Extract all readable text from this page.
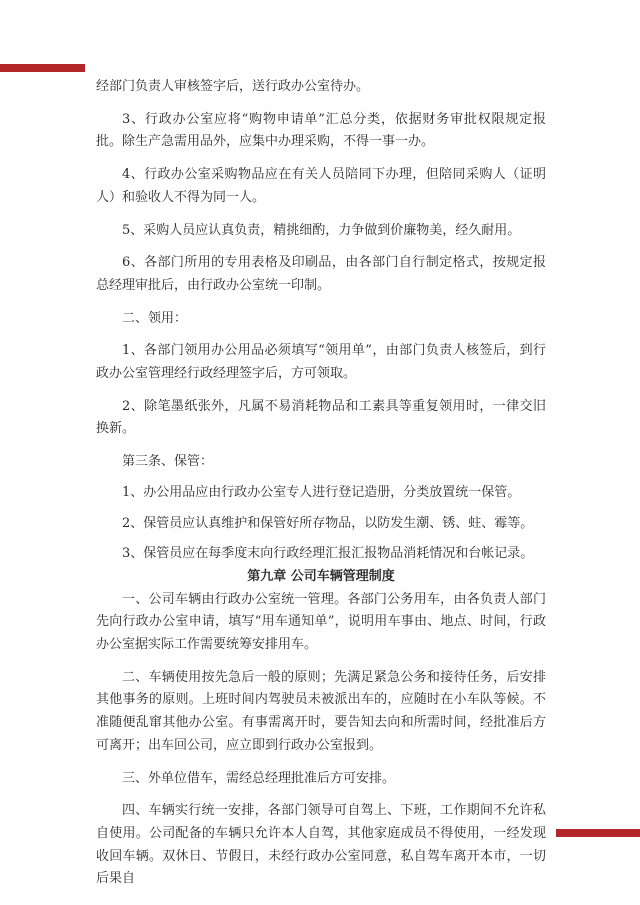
经部门负责人审核签字后，送行政办公室待办。

3、行政办公室应将“购物申请单”汇总分类，依据财务审批权限规定报批。除生产急需用品外，应集中办理采购，不得一事一办。

4、行政办公室采购物品应在有关人员陪同下办理，但陪同采购人（证明人）和验收人不得为同一人。

5、采购人员应认真负责，精挑细酌，力争做到价廉物美，经久耐用。

6、各部门所用的专用表格及印刷品，由各部门自行制定格式，按规定报总经理审批后，由行政办公室统一印制。

二、领用：

1、各部门领用办公用品必须填写“领用单”，由部门负责人核签后，到行政办公室管理经行政经理签字后，方可领取。

2、除笔墨纸张外，凡属不易消耗物品和工素具等重复领用时，一律交旧换新。

第三条、保管：

1、办公用品应由行政办公室专人进行登记造册，分类放置统一保管。

2、保管员应认真维护和保管好所存物品，以防发生潮、锈、蛀、霉等。

3、保管员应在每季度末向行政经理汇报汇报物品消耗情况和台帐记录。

第九章 公司车辆管理制度

一、公司车辆由行政办公室统一管理。各部门公务用车，由各负责人部门先向行政办公室申请，填写“用车通知单”，说明用车事由、地点、时间，行政办公室据实际工作需要统筹安排用车。

二、车辆使用按先急后一般的原则；先满足紧急公务和接待任务，后安排其他事务的原则。上班时间内驾驶员未被派出车的，应随时在小车队等候。不准随便乱窜其他办公室。有事需离开时，要告知去向和所需时间，经批准后方可离开；出车回公司，应立即到行政办公室报到。

三、外单位借车，需经总经理批准后方可安排。

四、车辆实行统一安排，各部门领导可自驾上、下班，工作期间不允许私自使用。公司配备的车辆只允许本人自驾，其他家庭成员不得使用，一经发现收回车辆。双休日、节假日，未经行政办公室同意，私自驾车离开本市，一切后果自
